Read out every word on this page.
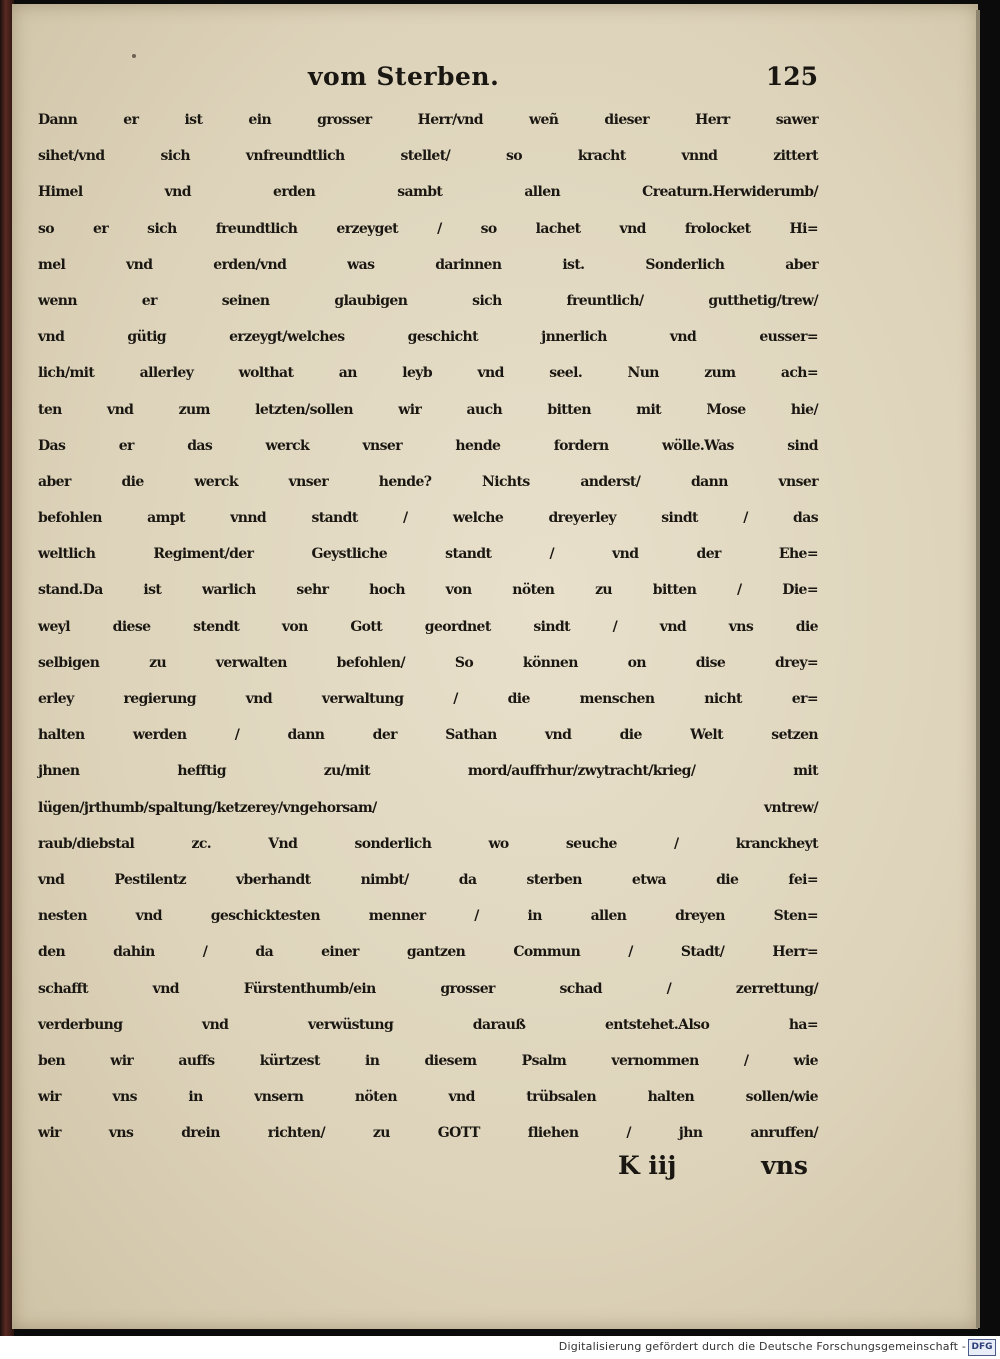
vom Sterben.	125
Dann er ist ein grosser Herr/vnd weñ dieser Herr sawer
sihet/vnd sich vnfreundtlich stellet/ so kracht vnnd zittert
Himel vnd erden sambt allen Creaturn.Herwiderumb/
so er sich freundtlich erzeyget / so lachet vnd frolocket Hi=
mel vnd erden/vnd was darinnen ist. Sonderlich aber
wenn er seinen glaubigen sich freuntlich/ gutthetig/trew/
vnd gütig erzeygt/welches geschicht jnnerlich vnd eusser=
lich/mit allerley wolthat an leyb vnd seel. Nun zum ach=
ten vnd zum letzten/sollen wir auch bitten mit Mose hie/
Das er das werck vnser hende fordern wölle.Was sind
aber die werck vnser hende? Nichts anderst/ dann vnser
befohlen ampt vnnd standt / welche dreyerley sindt / das
weltlich Regiment/der Geystliche standt / vnd der Ehe=
stand.Da ist warlich sehr hoch von nöten zu bitten / Die=
weyl diese stendt von Gott geordnet sindt / vnd vns die
selbigen zu verwalten befohlen/ So können on dise drey=
erley regierung vnd verwaltung / die menschen nicht er=
halten werden / dann der Sathan vnd die Welt setzen
jhnen hefftig zu/mit mord/auffrhur/zwytracht/krieg/ mit
lügen/jrthumb/spaltung/ketzerey/vngehorsam/ vntrew/
raub/diebstal zc. Vnd sonderlich wo seuche / kranckheyt
vnd Pestilentz vberhandt nimbt/ da sterben etwa die fei=
nesten vnd geschicktesten menner / in allen dreyen Sten=
den dahin / da einer gantzen Commun / Stadt/ Herr=
schafft vnd Fürstenthumb/ein grosser schad / zerrettung/
verderbung vnd verwüstung darauß entstehet.Also ha=
ben wir auffs kürtzest in diesem Psalm vernommen / wie
wir vns in vnsern nöten vnd trübsalen halten sollen/wie
wir vns drein richten/ zu GOTT fliehen / jhn anruffen/
K iij	vns
Digitalisierung gefördert durch die Deutsche Forschungsgemeinschaft - DFG
